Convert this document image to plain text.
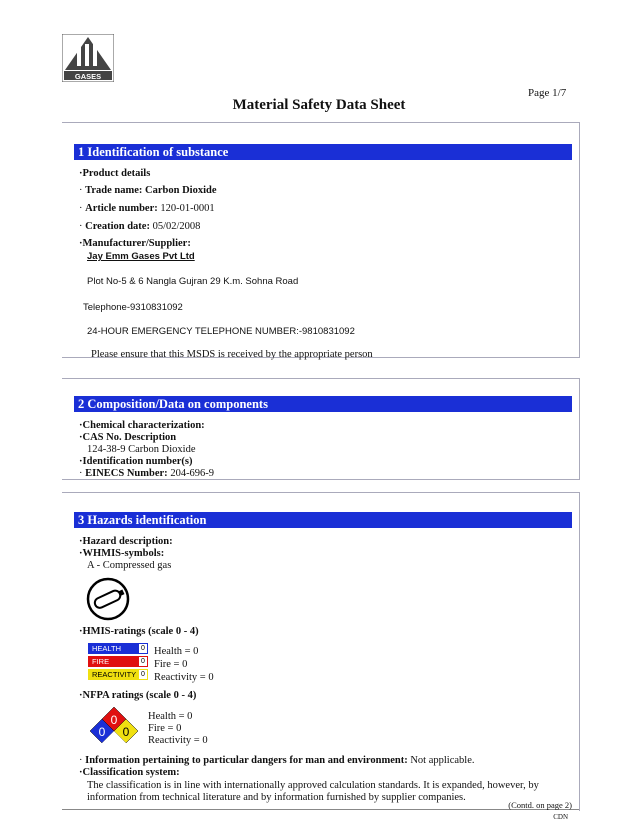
GASES
Page 1/7
Material Safety Data Sheet
1 Identification of substance
· Product details
· Trade name: Carbon Dioxide
· Article number: 120-01-0001
· Creation date: 05/02/2008
· Manufacturer/Supplier:
Jay Emm Gases Pvt Ltd
Plot No-5 & 6 Nangla Gujran 29 K.m. Sohna Road
Telephone-9310831092
24-HOUR EMERGENCY TELEPHONE NUMBER:-9810831092
Please ensure that this MSDS is received by the appropriate person
2 Composition/Data on components
· Chemical characterization:
· CAS No. Description
124-38-9 Carbon Dioxide
· Identification number(s)
· EINECS Number: 204-696-9
3 Hazards identification
· Hazard description:
· WHMIS-symbols:
A - Compressed gas
· HMIS-ratings (scale 0 - 4)
HEALTH	0
FIRE	0
REACTIVITY 0
Health = 0
Fire = 0
Reactivity = 0
· NFPA ratings (scale 0 - 4)
0
0 0
Health = 0
Fire = 0
Reactivity = 0
· Information pertaining to particular dangers for man and environment: Not applicable.
· Classification system:
The classification is in line with internationally approved calculation standards. It is expanded, however, by
information from technical literature and by information furnished by supplier companies.
(Contd. on page 2)
CDN
